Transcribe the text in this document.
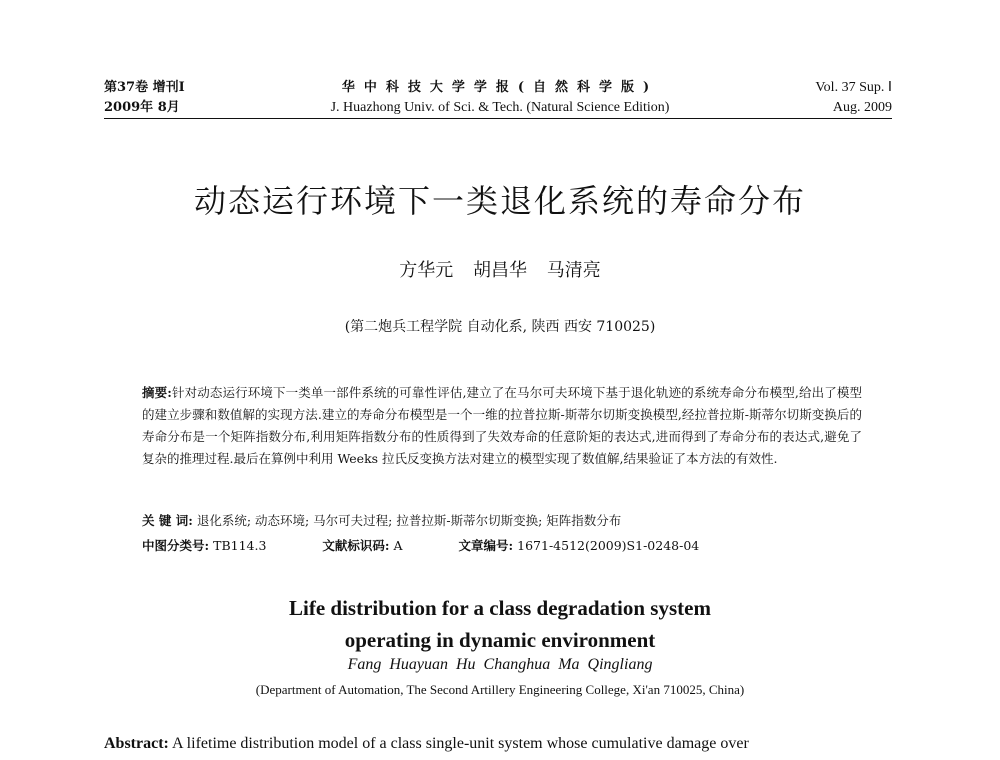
第37卷 增刊Ⅰ
2009年 8月
华中科技大学学报(自然科学版)
J. Huazhong Univ. of Sci. & Tech. (Natural Science Edition)
Vol. 37 Sup. Ⅰ
Aug. 2009
动态运行环境下一类退化系统的寿命分布
方华元 胡昌华 马清亮
(第二炮兵工程学院 自动化系, 陕西 西安 710025)
摘要:针对动态运行环境下一类单一部件系统的可靠性评估,建立了在马尔可夫环境下基于退化轨迹的系统寿命分布模型,给出了模型的建立步骤和数值解的实现方法.建立的寿命分布模型是一个一维的拉普拉斯-斯蒂尔切斯变换模型,经拉普拉斯-斯蒂尔切斯变换后的寿命分布是一个矩阵指数分布,利用矩阵指数分布的性质得到了失效寿命的任意阶矩的表达式,进而得到了寿命分布的表达式,避免了复杂的推理过程.最后在算例中利用 Weeks 拉氏反变换方法对建立的模型实现了数值解,结果验证了本方法的有效性.
关 键 词: 退化系统; 动态环境; 马尔可夫过程; 拉普拉斯-斯蒂尔切斯变换; 矩阵指数分布
中图分类号: TB114.3	文献标识码: A	文章编号: 1671-4512(2009)S1-0248-04
Life distribution for a class degradation system
operating in dynamic environment
Fang Huayuan Hu Changhua Ma Qingliang
(Department of Automation, The Second Artillery Engineering College, Xi'an 710025, China)
Abstract: A lifetime distribution model of a class single-unit system whose cumulative damage over
